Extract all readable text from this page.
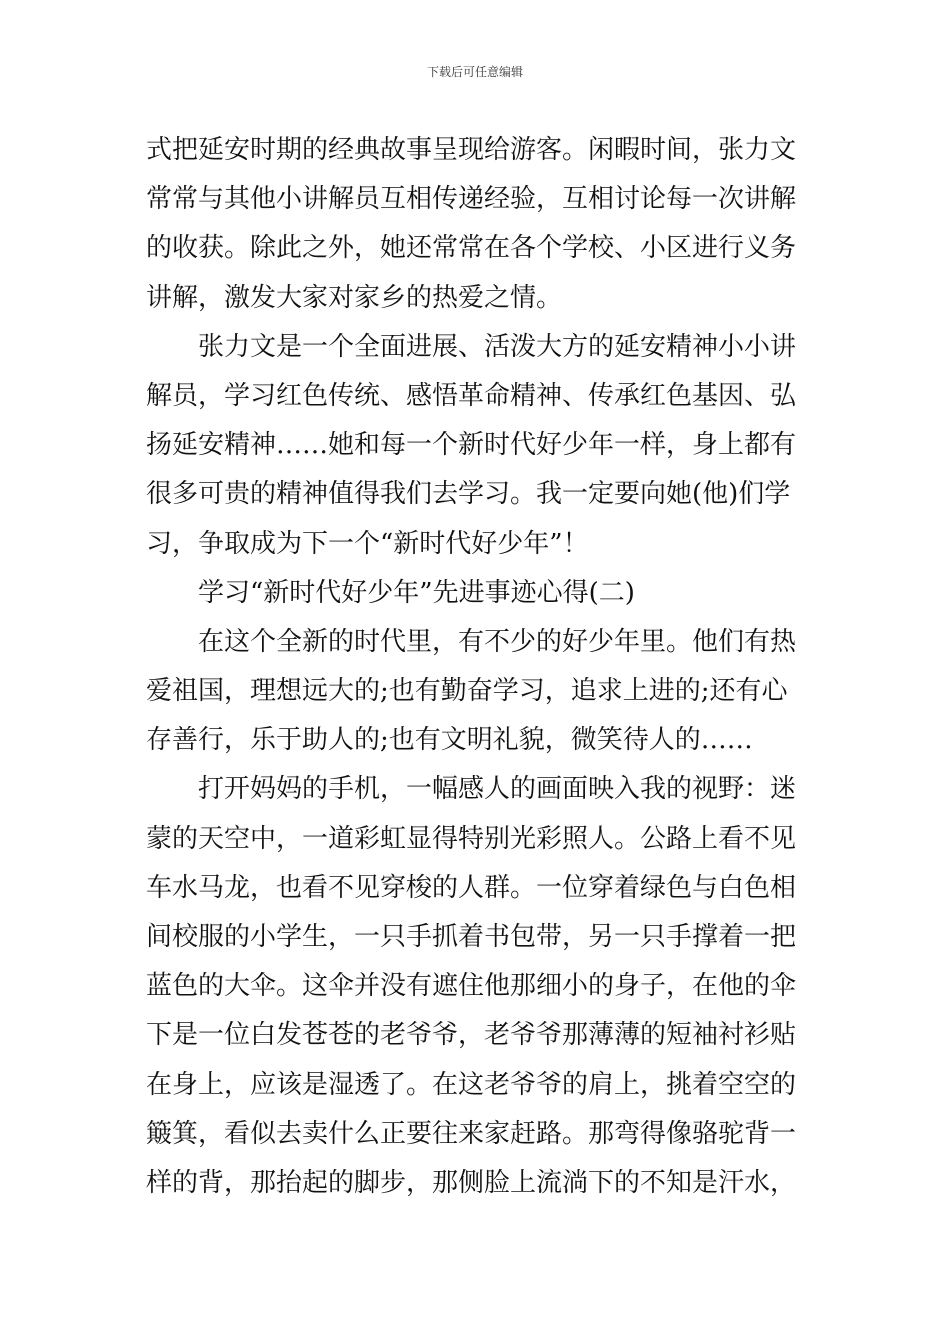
下载后可任意编辑
式把延安时期的经典故事呈现给游客。闲暇时间，张力文
常常与其他小讲解员互相传递经验，互相讨论每一次讲解
的收获。除此之外，她还常常在各个学校、小区进行义务
讲解，激发大家对家乡的热爱之情。
张力文是一个全面进展、活泼大方的延安精神小小讲
解员，学习红色传统、感悟革命精神、传承红色基因、弘
扬延安精神……她和每一个新时代好少年一样，身上都有
很多可贵的精神值得我们去学习。我一定要向她(他)们学
习，争取成为下一个“新时代好少年”！
学习“新时代好少年”先进事迹心得(二)
在这个全新的时代里，有不少的好少年里。他们有热
爱祖国，理想远大的;也有勤奋学习，追求上进的;还有心
存善行，乐于助人的;也有文明礼貌，微笑待人的……
打开妈妈的手机，一幅感人的画面映入我的视野：迷
蒙的天空中，一道彩虹显得特别光彩照人。公路上看不见
车水马龙，也看不见穿梭的人群。一位穿着绿色与白色相
间校服的小学生，一只手抓着书包带，另一只手撑着一把
蓝色的大伞。这伞并没有遮住他那细小的身子，在他的伞
下是一位白发苍苍的老爷爷，老爷爷那薄薄的短袖衬衫贴
在身上，应该是湿透了。在这老爷爷的肩上，挑着空空的
簸箕，看似去卖什么正要往来家赶路。那弯得像骆驼背一
样的背，那抬起的脚步，那侧脸上流淌下的不知是汗水，
